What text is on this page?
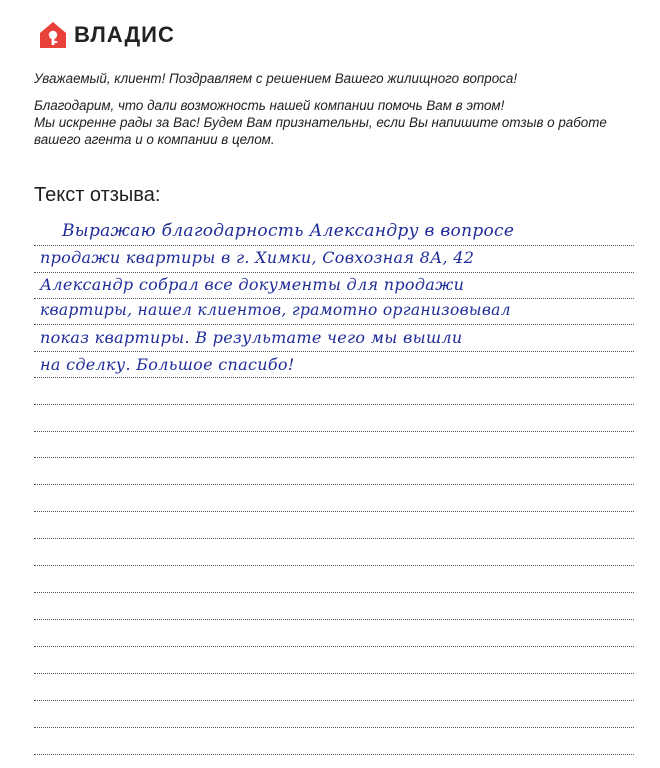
ВЛАДИС

Уважаемый, клиент! Поздравляем с решением Вашего жилищного вопроса!

Благодарим, что дали возможность нашей компании помочь Вам в этом!

Мы искренне рады за Вас! Будем Вам признательны, если Вы напишите отзыв о работе

вашего агента и о компании в целом.

Текст отзыва:
Выражаю благодарность Александру в вопросе
продажи квартиры в г. Химки, Совхозная 8А, 42
Александр собрал все документы для продажи
квартиры, нашел клиентов, грамотно организовывал
показ квартиры. В результате чего мы вышли
на сделку. Большое спасибо!
